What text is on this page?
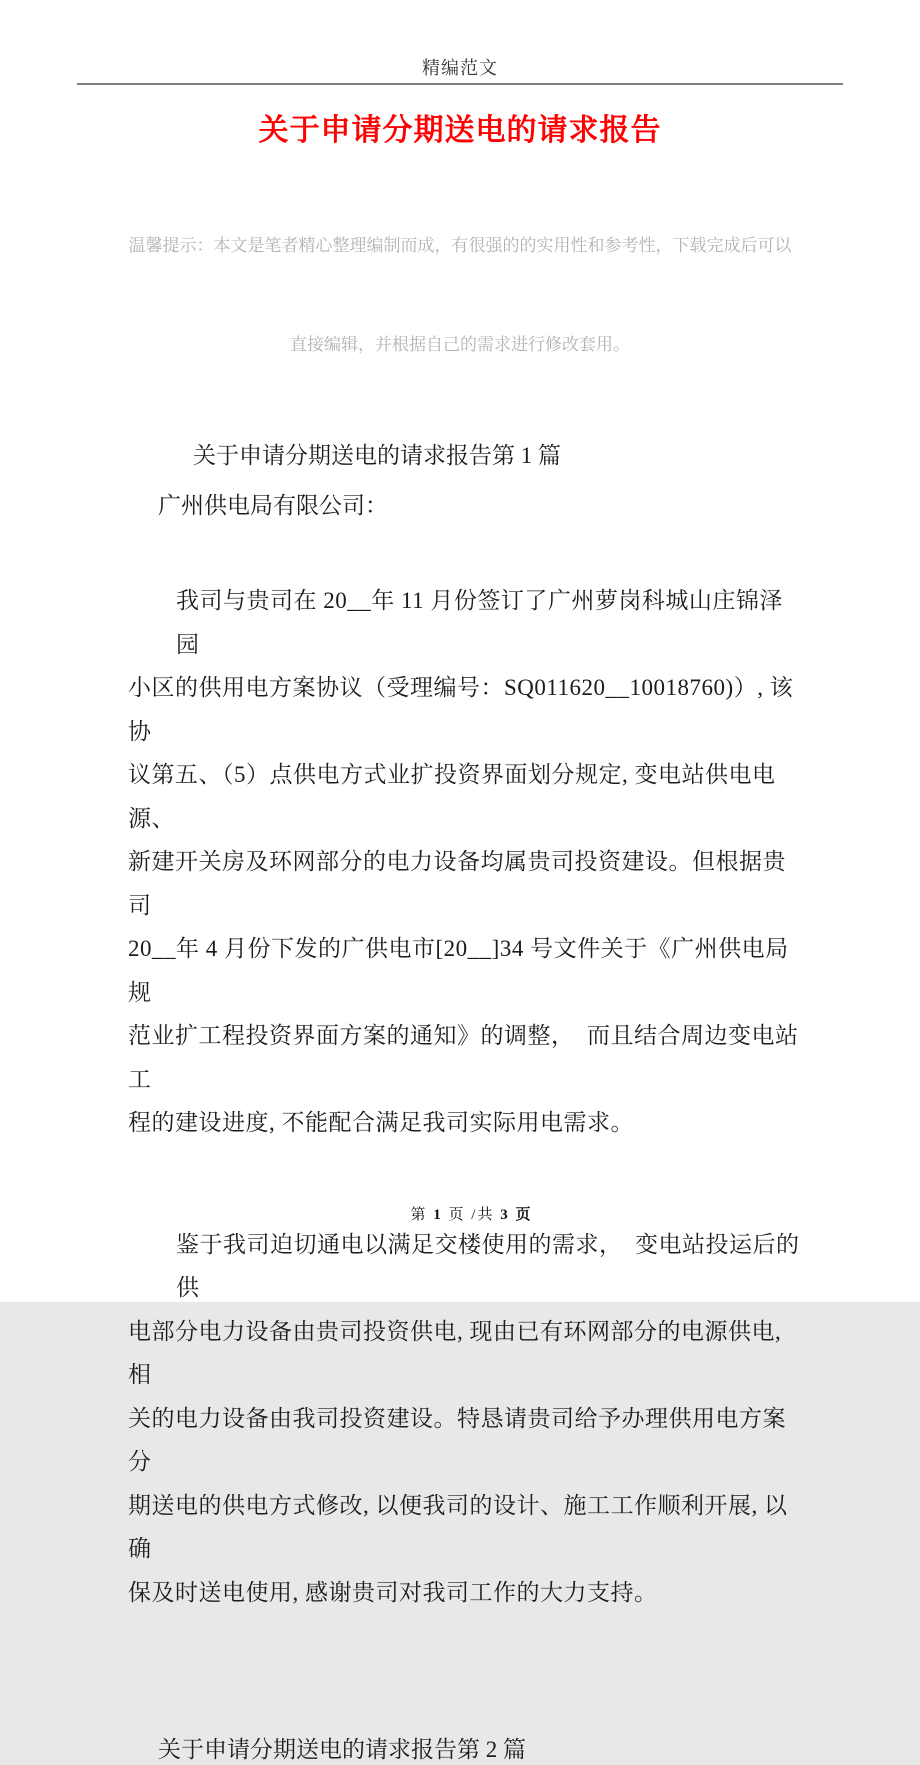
精编范文
关于申请分期送电的请求报告

温馨提示：本文是笔者精心整理编制而成，有很强的的实用性和参考性，下载完成后可以

直接编辑，并根据自己的需求进行修改套用。

关于申请分期送电的请求报告第 1 篇
广州供电局有限公司：
我司与贵司在 20__年 11 月份签订了广州萝岗科城山庄锦泽园
小区的供用电方案协议（受理编号：SQ011620__10018760)）, 该协
议第五、（5）点供电方式业扩投资界面划分规定, 变电站供电电源、
新建开关房及环网部分的电力设备均属贵司投资建设。但根据贵司
20__年 4 月份下发的广供电市[20__]34 号文件关于《广州供电局规
范业扩工程投资界面方案的通知》的调整，  而且结合周边变电站工
程的建设进度, 不能配合满足我司实际用电需求。
鉴于我司迫切通电以满足交楼使用的需求，  变电站投运后的供
电部分电力设备由贵司投资供电, 现由已有环网部分的电源供电, 相
关的电力设备由我司投资建设。特恳请贵司给予办理供用电方案分
期送电的供电方式修改, 以便我司的设计、施工工作顺利开展, 以确
保及时送电使用, 感谢贵司对我司工作的大力支持。
关于申请分期送电的请求报告第 2 篇

第 1 页 /共 3 页
